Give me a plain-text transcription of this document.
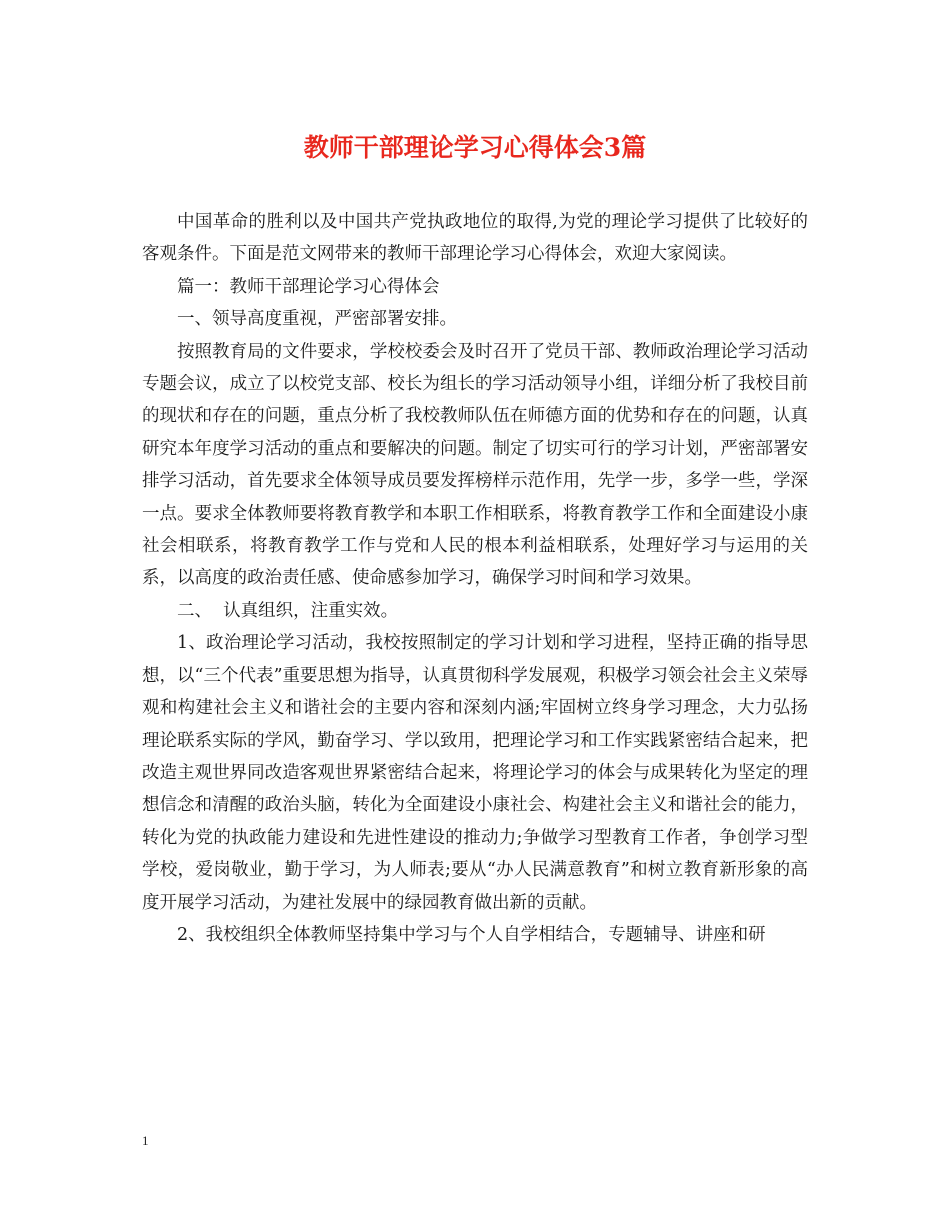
教师干部理论学习心得体会3篇

中国革命的胜利以及中国共产党执政地位的取得,为党的理论学习提供了比较好的客观条件。下面是范文网带来的教师干部理论学习心得体会，欢迎大家阅读。

篇一：教师干部理论学习心得体会

一、领导高度重视，严密部署安排。

按照教育局的文件要求，学校校委会及时召开了党员干部、教师政治理论学习活动专题会议，成立了以校党支部、校长为组长的学习活动领导小组，详细分析了我校目前的现状和存在的问题，重点分析了我校教师队伍在师德方面的优势和存在的问题，认真研究本年度学习活动的重点和要解决的问题。制定了切实可行的学习计划，严密部署安排学习活动，首先要求全体领导成员要发挥榜样示范作用，先学一步，多学一些，学深一点。要求全体教师要将教育教学和本职工作相联系，将教育教学工作和全面建设小康社会相联系，将教育教学工作与党和人民的根本利益相联系，处理好学习与运用的关系，以高度的政治责任感、使命感参加学习，确保学习时间和学习效果。

二、  认真组织，注重实效。

1、政治理论学习活动，我校按照制定的学习计划和学习进程，坚持正确的指导思想，以“三个代表”重要思想为指导，认真贯彻科学发展观，积极学习领会社会主义荣辱观和构建社会主义和谐社会的主要内容和深刻内涵;牢固树立终身学习理念，大力弘扬理论联系实际的学风，勤奋学习、学以致用，把理论学习和工作实践紧密结合起来，把改造主观世界同改造客观世界紧密结合起来，将理论学习的体会与成果转化为坚定的理想信念和清醒的政治头脑，转化为全面建设小康社会、构建社会主义和谐社会的能力，转化为党的执政能力建设和先进性建设的推动力;争做学习型教育工作者，争创学习型学校，爱岗敬业，勤于学习，为人师表;要从“办人民满意教育”和树立教育新形象的高度开展学习活动，为建社发展中的绿园教育做出新的贡献。

2、我校组织全体教师坚持集中学习与个人自学相结合，专题辅导、讲座和研

1
